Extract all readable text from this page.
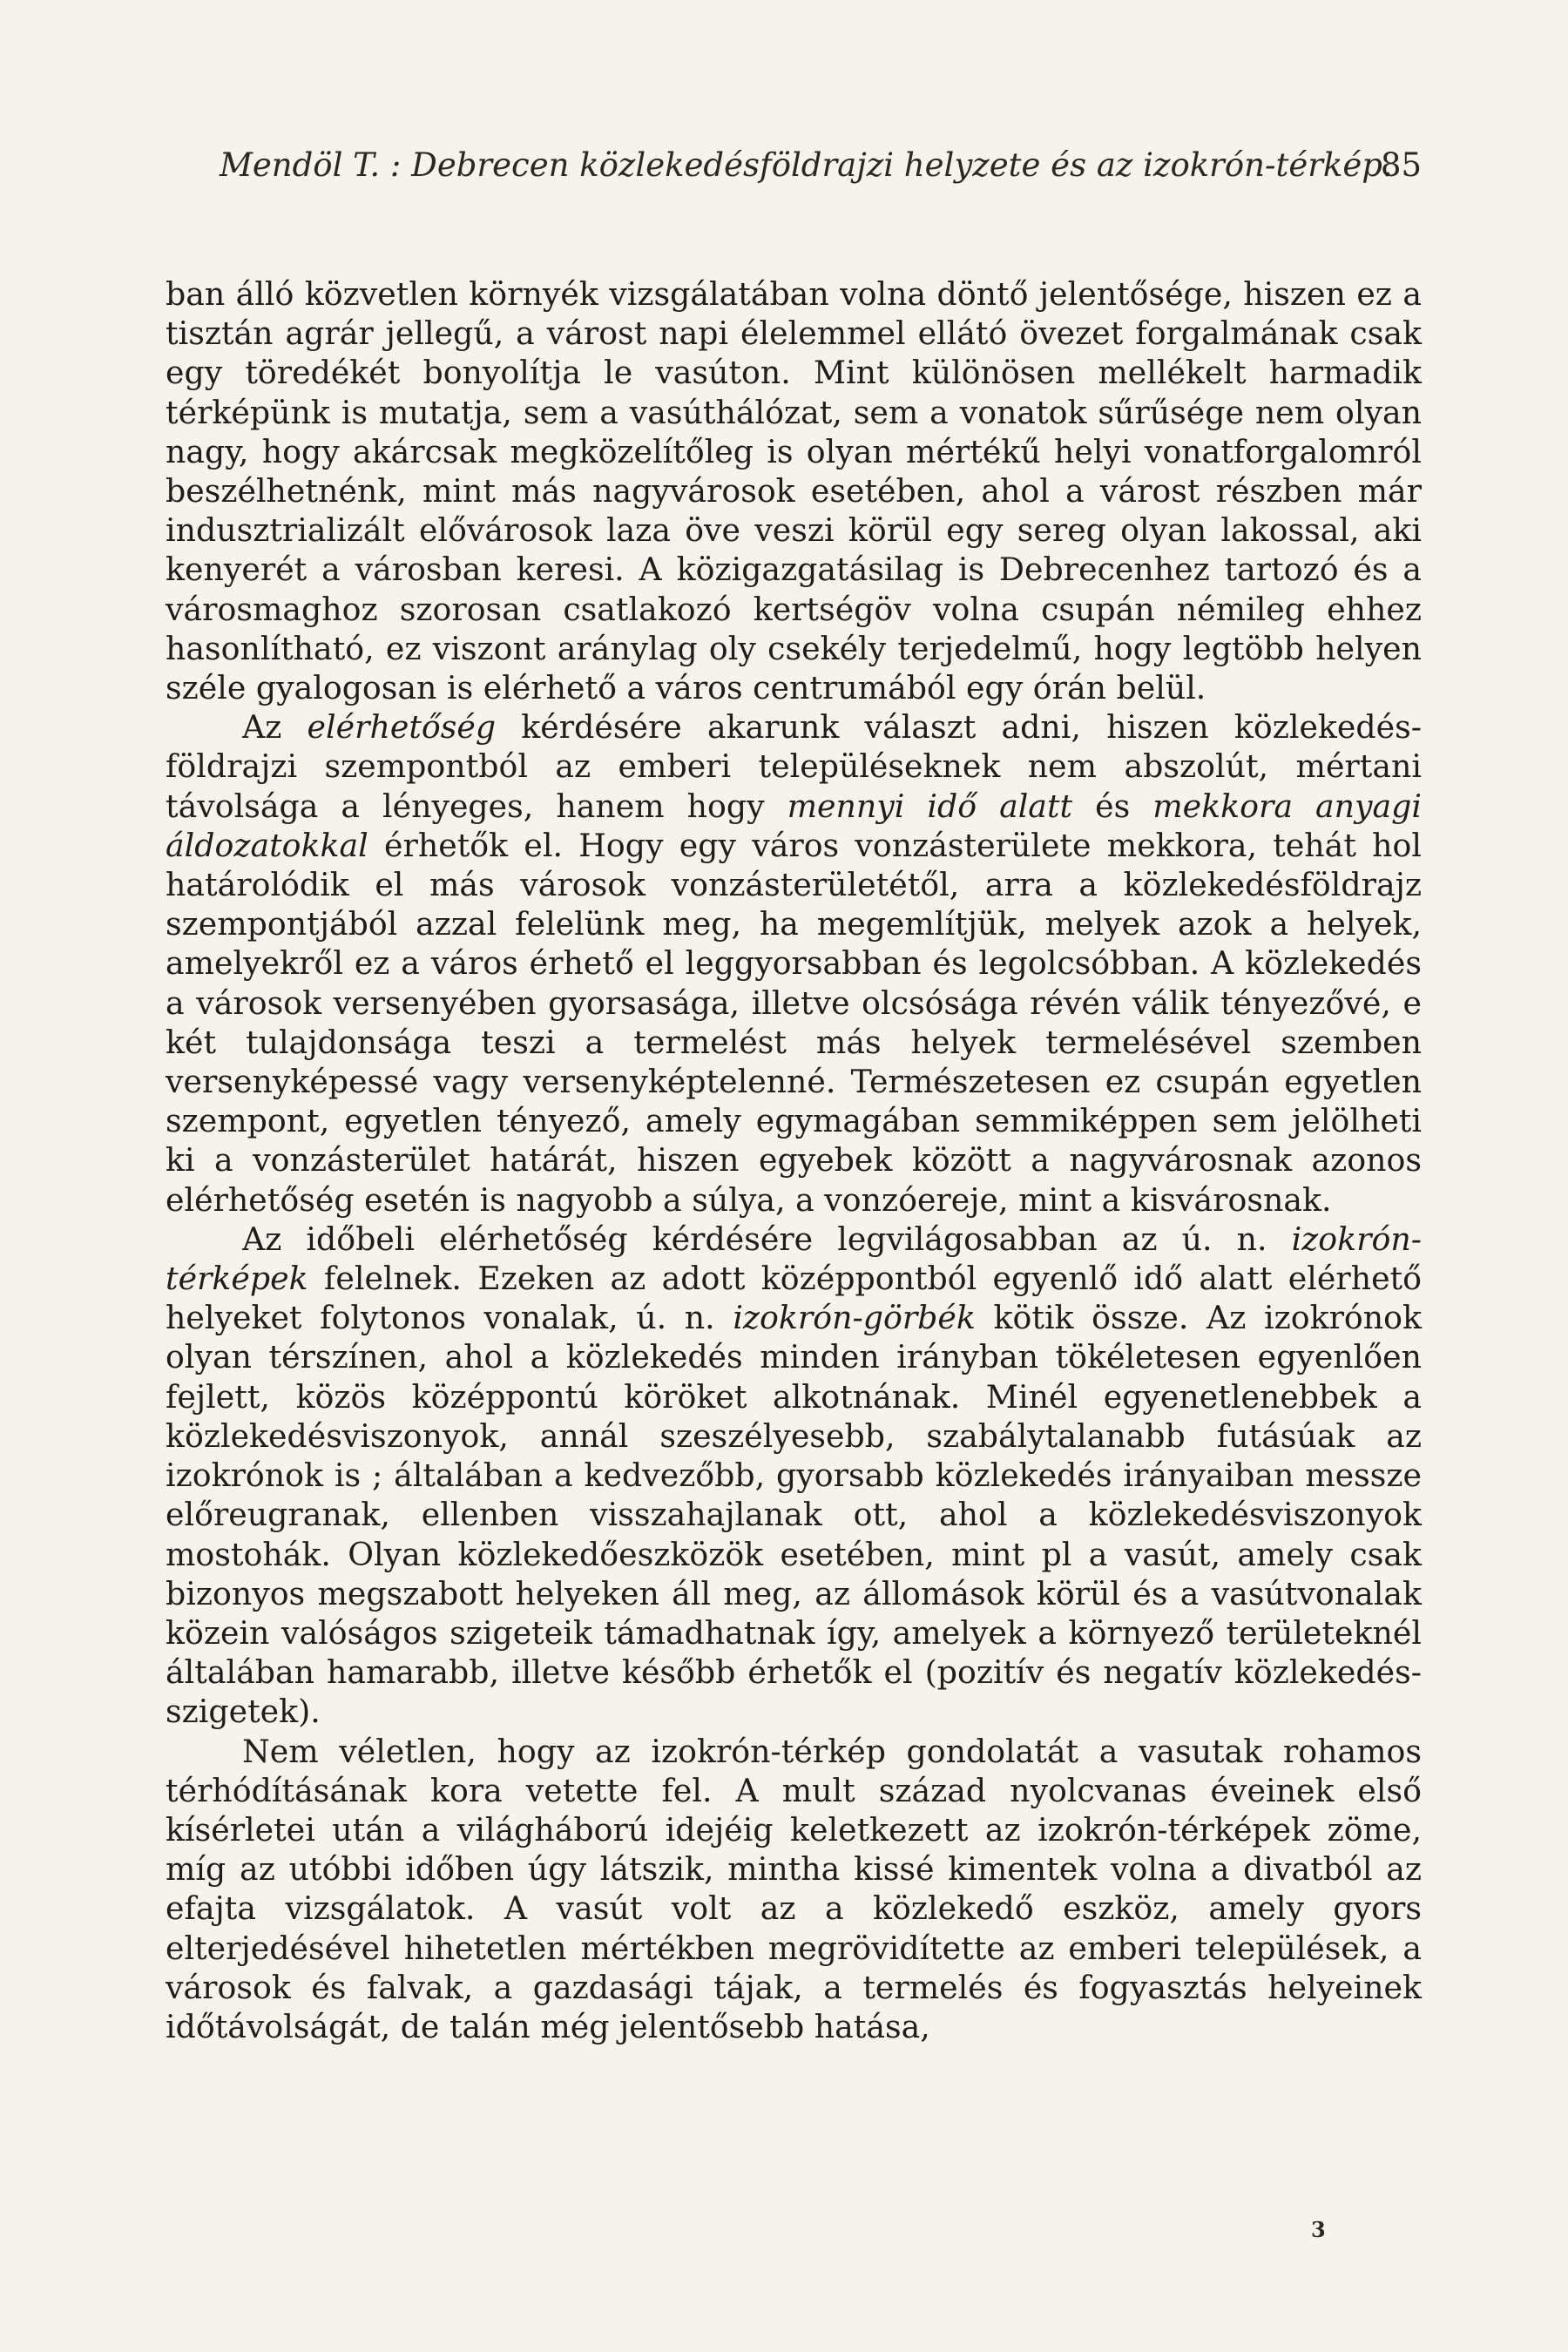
Mendöl T. : Debrecen közlekedésföldrajzi helyzete és az izokrón-térkép.
85

ban álló közvetlen környék vizsgálatában volna döntő jelentősége, hiszen ez a tisztán agrár jellegű, a várost napi élelemmel ellátó övezet forgalmának csak egy töredékét bonyolítja le vasúton. Mint különösen mellékelt harmadik térképünk is mutatja, sem a vasúthálózat, sem a vonatok sűrűsége nem olyan nagy, hogy akárcsak megközelítőleg is olyan mértékű helyi vonatforgalomról beszélhetnénk, mint más nagyvárosok esetében, ahol a várost részben már indusztrializált elővárosok laza öve veszi körül egy sereg olyan lakossal, aki kenyerét a városban keresi. A közigazgatásilag is Debrecenhez tartozó és a városmaghoz szorosan csatlakozó kertségöv volna csupán némileg ehhez hasonlítható, ez viszont aránylag oly csekély terjedelmű, hogy legtöbb helyen széle gyalogosan is elérhető a város centrumából egy órán belül.

Az elérhetőség kérdésére akarunk választ adni, hiszen közlekedésföldrajzi szempontból az emberi településeknek nem abszolút, mértani távolsága a lényeges, hanem hogy mennyi idő alatt és mekkora anyagi áldozatokkal érhetők el. Hogy egy város vonzásterülete mekkora, tehát hol határolódik el más városok vonzásterületétől, arra a közlekedésföldrajz szempontjából azzal felelünk meg, ha megemlítjük, melyek azok a helyek, amelyekről ez a város érhető el leggyorsabban és legolcsóbban. A közlekedés a városok versenyében gyorsasága, illetve olcsósága révén válik tényezővé, e két tulajdonsága teszi a termelést más helyek termelésével szemben versenyképessé vagy versenyképtelenné. Természetesen ez csupán egyetlen szempont, egyetlen tényező, amely egymagában semmiképpen sem jelölheti ki a vonzásterület határát, hiszen egyebek között a nagyvárosnak azonos elérhetőség esetén is nagyobb a súlya, a vonzóereje, mint a kisvárosnak.

Az időbeli elérhetőség kérdésére legvilágosabban az ú. n. izokróntérképek felelnek. Ezeken az adott középpontból egyenlő idő alatt elérhető helyeket folytonos vonalak, ú. n. izokrón-görbék kötik össze. Az izokrónok olyan térszínen, ahol a közlekedés minden irányban tökéletesen egyenlően fejlett, közös középpontú köröket alkotnának. Minél egyenetlenebbek a közlekedésviszonyok, annál szeszélyesebb, szabálytalanabb futásúak az izokrónok is ; általában a kedvezőbb, gyorsabb közlekedés irányaiban messze előreugranak, ellenben visszahajlanak ott, ahol a közlekedésviszonyok mostohák. Olyan közlekedőeszközök esetében, mint pl a vasút, amely csak bizonyos megszabott helyeken áll meg, az állomások körül és a vasútvonalak közein valóságos szigeteik támadhatnak így, amelyek a környező területeknél általában hamarabb, illetve később érhetők el (pozitív és negatív közlekedésszigetek).

Nem véletlen, hogy az izokrón-térkép gondolatát a vasutak rohamos térhódításának kora vetette fel. A mult század nyolcvanas éveinek első kísérletei után a világháború idejéig keletkezett az izokrón-térképek zöme, míg az utóbbi időben úgy látszik, mintha kissé kimentek volna a divatból az efajta vizsgálatok. A vasút volt az a közlekedő eszköz, amely gyors elterjedésével hihetetlen mértékben megrövidítette az emberi települések, a városok és falvak, a gazdasági tájak, a termelés és fogyasztás helyeinek időtávolságát, de talán még jelentősebb hatása,

3
